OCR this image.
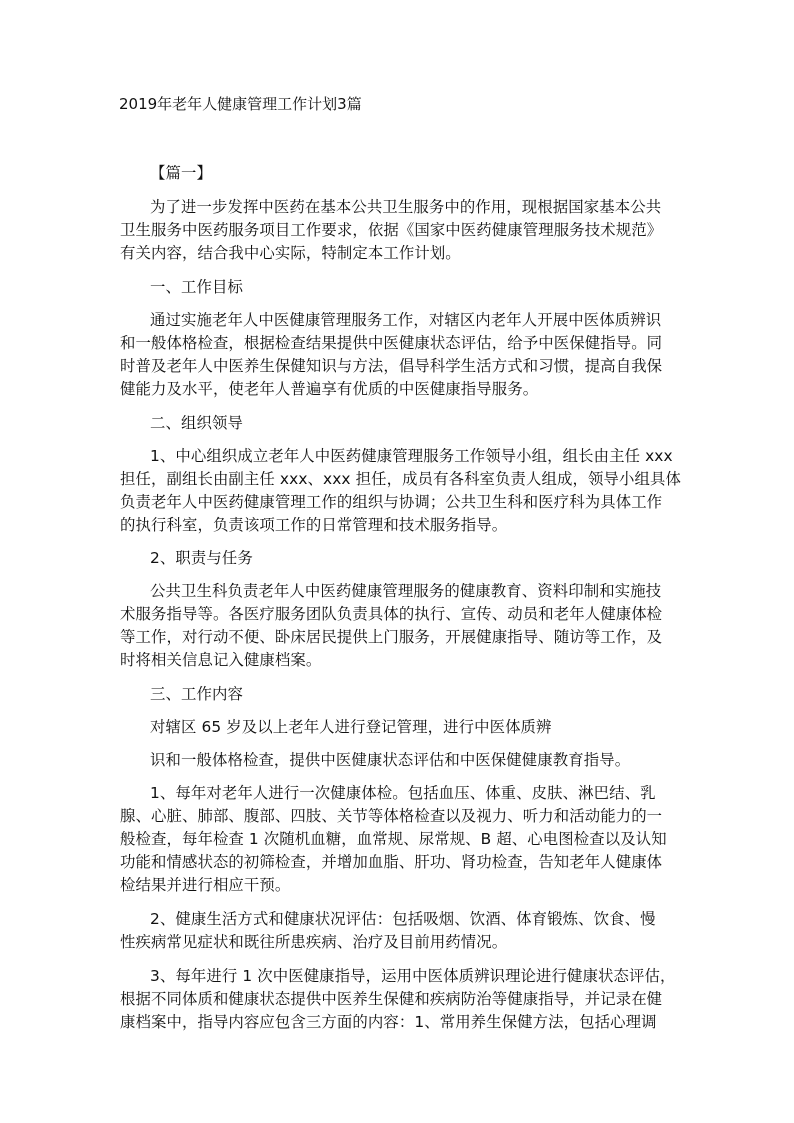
2019年老年人健康管理工作计划3篇
【篇一】
为了进一步发挥中医药在基本公共卫生服务中的作用，现根据国家基本公共
卫生服务中医药服务项目工作要求，依据《国家中医药健康管理服务技术规范》
有关内容，结合我中心实际，特制定本工作计划。
一、工作目标
通过实施老年人中医健康管理服务工作，对辖区内老年人开展中医体质辨识
和一般体格检查，根据检查结果提供中医健康状态评估，给予中医保健指导。同
时普及老年人中医养生保健知识与方法，倡导科学生活方式和习惯，提高自我保
健能力及水平，使老年人普遍享有优质的中医健康指导服务。
二、组织领导
1、中心组织成立老年人中医药健康管理服务工作领导小组，组长由主任 xxx
担任，副组长由副主任 xxx、xxx 担任，成员有各科室负责人组成，领导小组具体
负责老年人中医药健康管理工作的组织与协调；公共卫生科和医疗科为具体工作
的执行科室，负责该项工作的日常管理和技术服务指导。
2、职责与任务
公共卫生科负责老年人中医药健康管理服务的健康教育、资料印制和实施技
术服务指导等。各医疗服务团队负责具体的执行、宣传、动员和老年人健康体检
等工作，对行动不便、卧床居民提供上门服务，开展健康指导、随访等工作，及
时将相关信息记入健康档案。
三、工作内容
对辖区 65 岁及以上老年人进行登记管理，进行中医体质辨
识和一般体格检查，提供中医健康状态评估和中医保健健康教育指导。
1、每年对老年人进行一次健康体检。包括血压、体重、皮肤、淋巴结、乳
腺、心脏、肺部、腹部、四肢、关节等体格检查以及视力、听力和活动能力的一
般检查，每年检查 1 次随机血糖，血常规、尿常规、B 超、心电图检查以及认知
功能和情感状态的初筛检查，并增加血脂、肝功、肾功检查，告知老年人健康体
检结果并进行相应干预。
2、健康生活方式和健康状况评估：包括吸烟、饮酒、体育锻炼、饮食、慢
性疾病常见症状和既往所患疾病、治疗及目前用药情况。
3、每年进行 1 次中医健康指导，运用中医体质辨识理论进行健康状态评估，
根据不同体质和健康状态提供中医养生保健和疾病防治等健康指导，并记录在健
康档案中，指导内容应包含三方面的内容：1、常用养生保健方法，包括心理调
